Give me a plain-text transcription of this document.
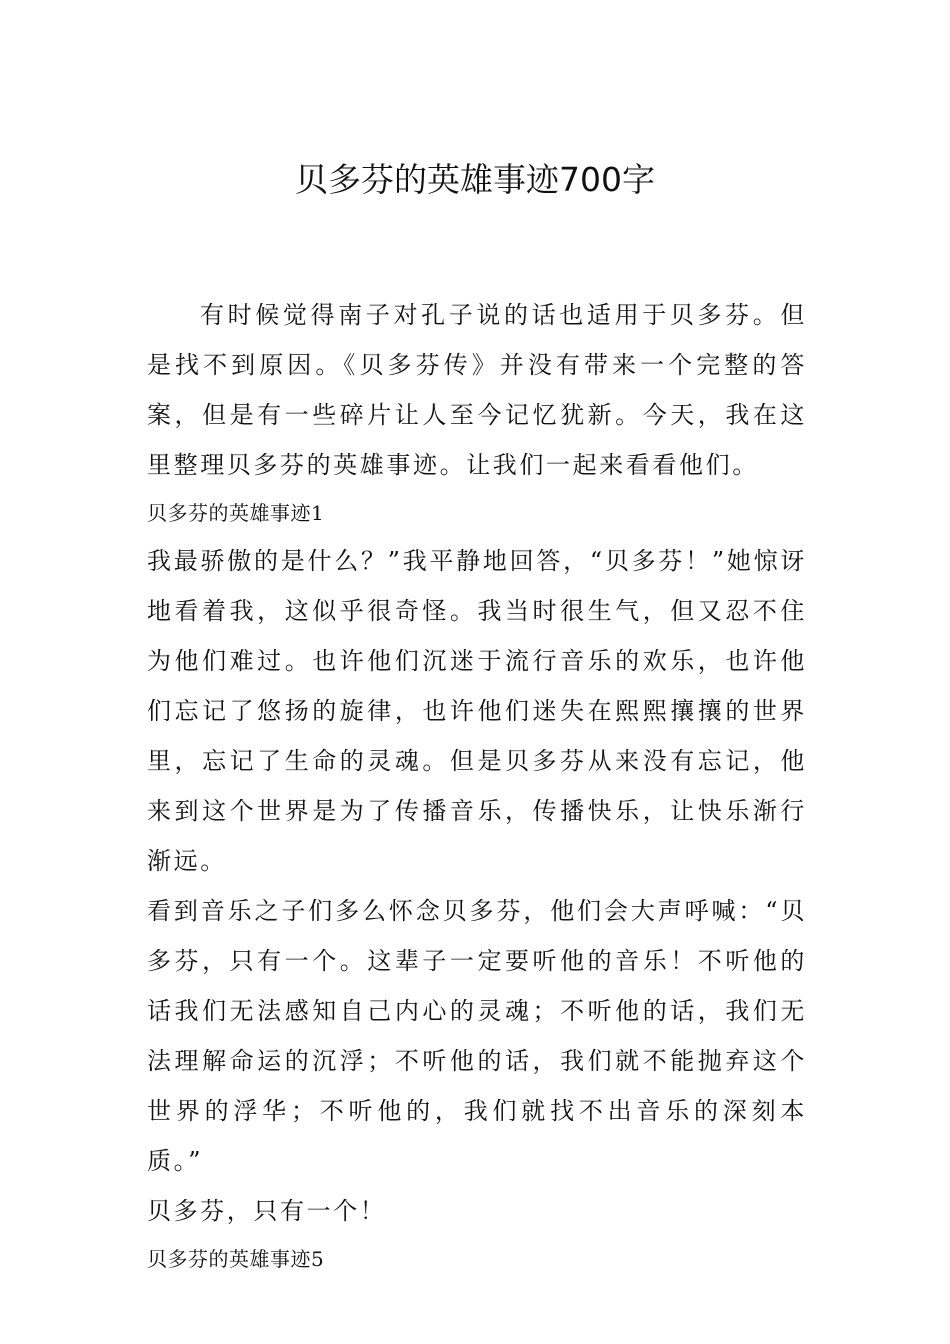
贝多芬的英雄事迹700字

有时候觉得南子对孔子说的话也适用于贝多芬。但是找不到原因。《贝多芬传》并没有带来一个完整的答案，但是有一些碎片让人至今记忆犹新。今天，我在这里整理贝多芬的英雄事迹。让我们一起来看看他们。

贝多芬的英雄事迹1

我最骄傲的是什么？”我平静地回答，“贝多芬！”她惊讶地看着我，这似乎很奇怪。我当时很生气，但又忍不住为他们难过。也许他们沉迷于流行音乐的欢乐，也许他们忘记了悠扬的旋律，也许他们迷失在熙熙攘攘的世界里，忘记了生命的灵魂。但是贝多芬从来没有忘记，他来到这个世界是为了传播音乐，传播快乐，让快乐渐行渐远。

看到音乐之子们多么怀念贝多芬，他们会大声呼喊：“贝多芬，只有一个。这辈子一定要听他的音乐！不听他的话我们无法感知自己内心的灵魂；不听他的话，我们无法理解命运的沉浮；不听他的话，我们就不能抛弃这个世界的浮华；不听他的，我们就找不出音乐的深刻本质。”

贝多芬，只有一个！

贝多芬的英雄事迹5
